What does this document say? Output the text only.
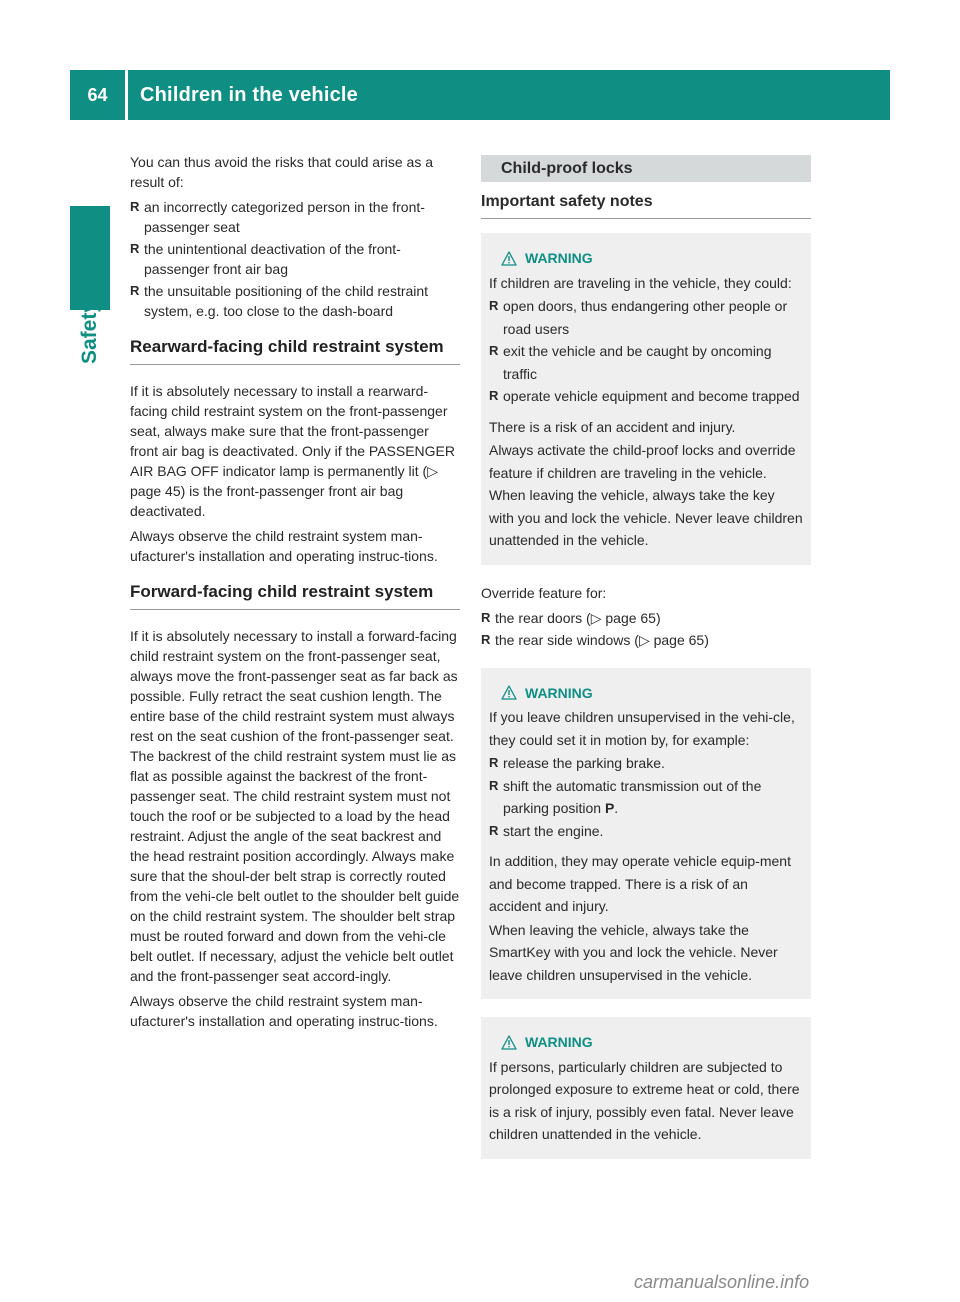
64	Children in the vehicle
Safety

You can thus avoid the risks that could arise as a result of:

R an incorrectly categorized person in the front-passenger seat
R the unintentional deactivation of the front-passenger front air bag
R the unsuitable positioning of the child restraint system, e.g. too close to the dash-board
Rearward-facing child restraint system

If it is absolutely necessary to install a rearward-facing child restraint system on the front-passenger seat, always make sure that the front-passenger front air bag is deactivated. Only if the PASSENGER AIR BAG OFF indicator lamp is permanently lit (▷ page 45) is the front-passenger front air bag deactivated.

Always observe the child restraint system man-ufacturer's installation and operating instruc-tions.

Forward-facing child restraint system

If it is absolutely necessary to install a forward-facing child restraint system on the front-passenger seat, always move the front-passenger seat as far back as possible. Fully retract the seat cushion length. The entire base of the child restraint system must always rest on the seat cushion of the front-passenger seat. The backrest of the child restraint system must lie as flat as possible against the backrest of the front-passenger seat. The child restraint system must not touch the roof or be subjected to a load by the head restraint. Adjust the angle of the seat backrest and the head restraint position accordingly. Always make sure that the shoul-der belt strap is correctly routed from the vehi-cle belt outlet to the shoulder belt guide on the child restraint system. The shoulder belt strap must be routed forward and down from the vehi-cle belt outlet. If necessary, adjust the vehicle belt outlet and the front-passenger seat accord-ingly.

Always observe the child restraint system man-ufacturer's installation and operating instruc-tions.

Child-proof locks
Important safety notes
WARNING

If children are traveling in the vehicle, they could:

R open doors, thus endangering other people or road users
R exit the vehicle and be caught by oncoming traffic
R operate vehicle equipment and become trapped

There is a risk of an accident and injury.

Always activate the child-proof locks and override feature if children are traveling in the vehicle. When leaving the vehicle, always take the key with you and lock the vehicle. Never leave children unattended in the vehicle.

Override feature for:

R the rear doors (▷ page 65)
R the rear side windows (▷ page 65)
WARNING

If you leave children unsupervised in the vehi-cle, they could set it in motion by, for example:

R release the parking brake.
R shift the automatic transmission out of the parking position P.
R start the engine.

In addition, they may operate vehicle equip-ment and become trapped. There is a risk of an accident and injury.

When leaving the vehicle, always take the SmartKey with you and lock the vehicle. Never leave children unsupervised in the vehicle.

WARNING

If persons, particularly children are subjected to prolonged exposure to extreme heat or cold, there is a risk of injury, possibly even fatal. Never leave children unattended in the vehicle.

carmanualsonline.info
